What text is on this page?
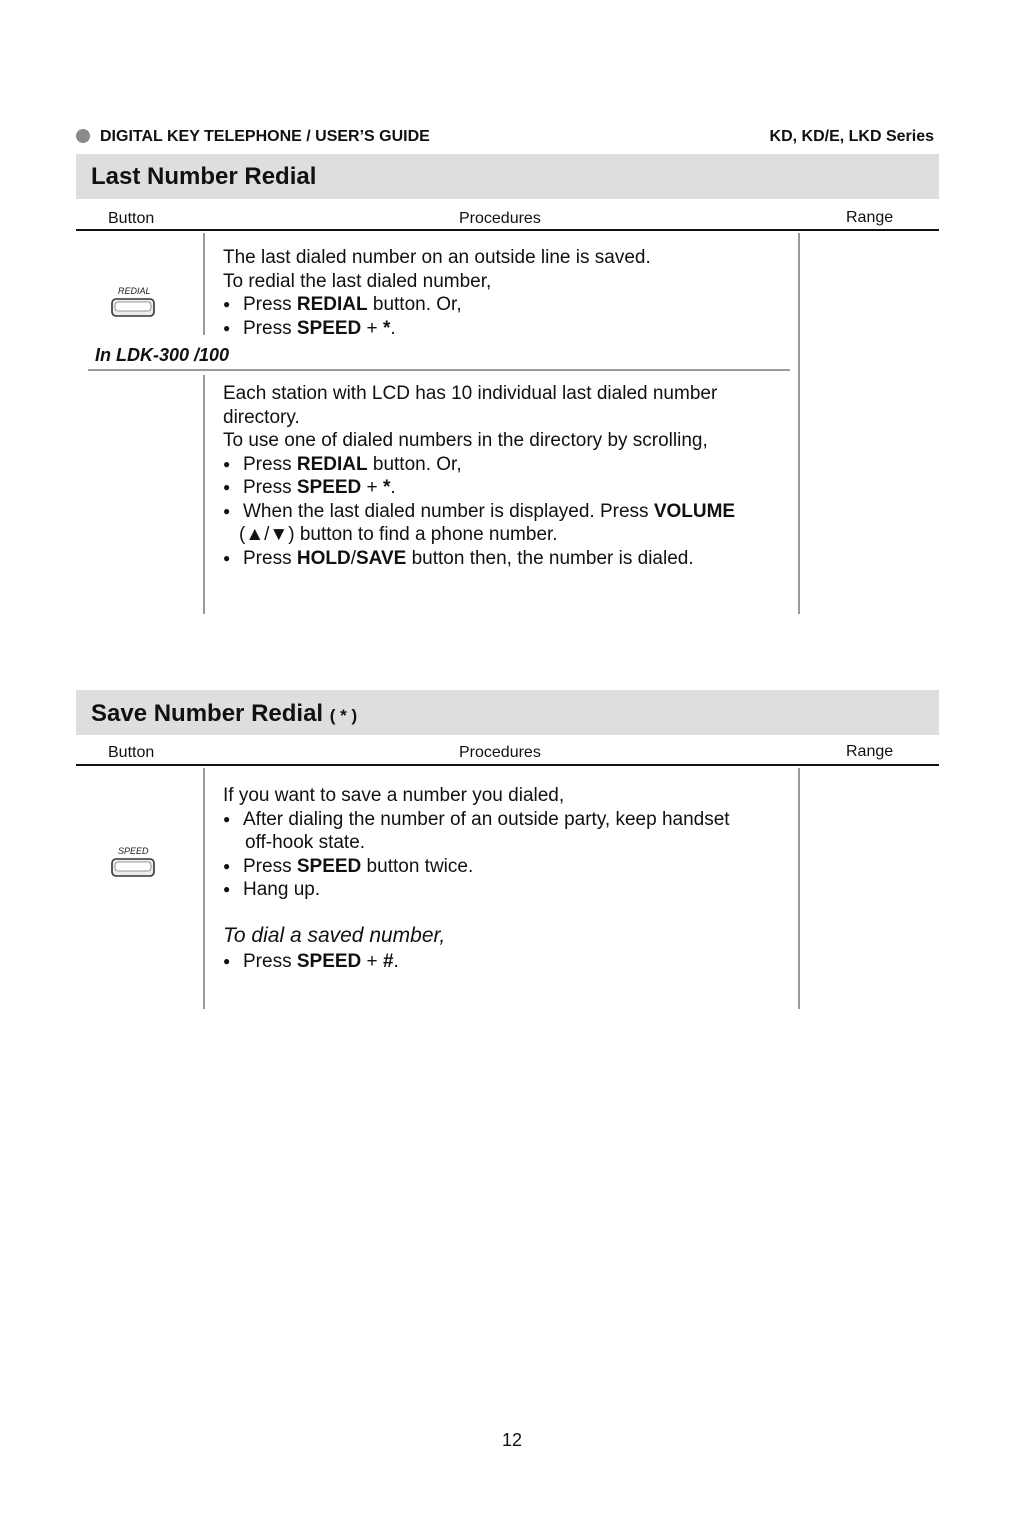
DIGITAL KEY TELEPHONE / USER’S GUIDE	KD, KD/E, LKD Series
Last Number Redial
Button	Procedures	Range
REDIAL

The last dialed number on an outside line is saved.

To redial the last dialed number,

● Press REDIAL button. Or,

● Press SPEED + *.

In LDK-300 /100

Each station with LCD has 10 individual last dialed number

directory.

To use one of dialed numbers in the directory by scrolling,

● Press REDIAL button. Or,

● Press SPEED + *.

● When the last dialed number is displayed. Press VOLUME

(▲/▼) button to find a phone number.

● Press HOLD/SAVE button then, the number is dialed.

Save Number Redial ( * )
Button	Procedures	Range
SPEED

If you want to save a number you dialed,

● After dialing the number of an outside party, keep handset

off-hook state.

● Press SPEED button twice.

● Hang up.

To dial a saved number,

● Press SPEED + #.

12
